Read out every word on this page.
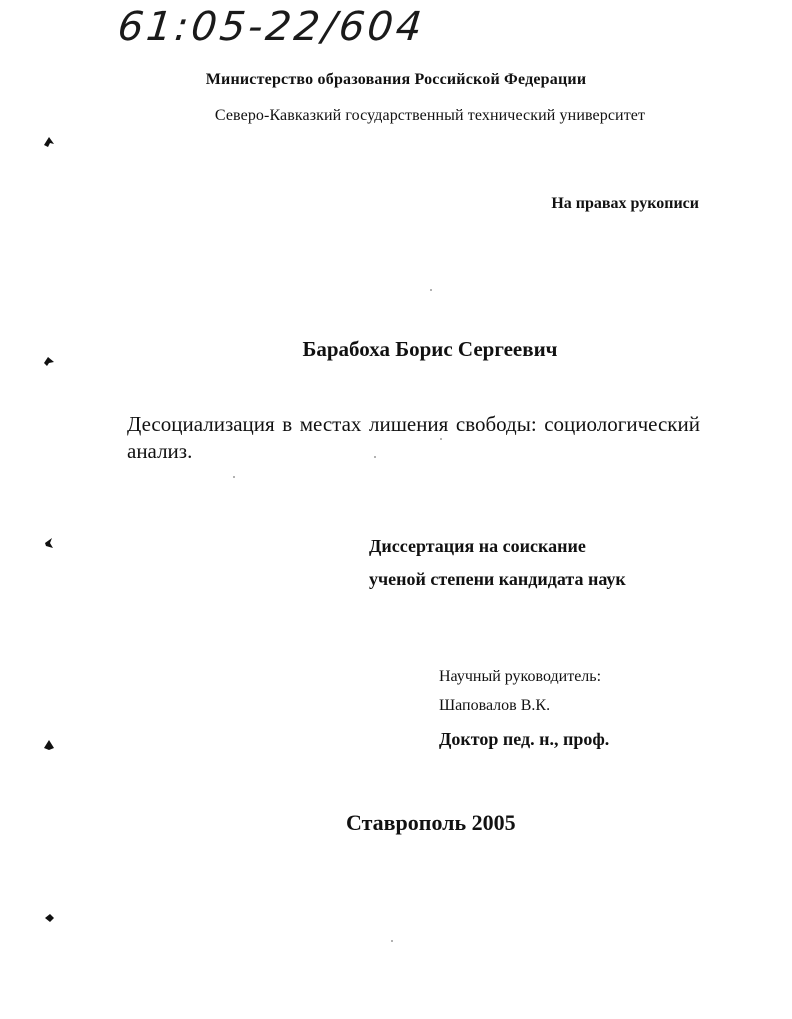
61:05-22/604
Министерство образования Российской Федерации
Северо-Кавказкий государственный технический университет
На правах рукописи
Барабоха Борис Сергеевич
Десоциализация в местах лишения свободы: социологический анализ.
Диссертация на соискание
ученой степени кандидата наук
Научный руководитель:
Шаповалов В.К.
Доктор пед. н., проф.
Ставрополь 2005
